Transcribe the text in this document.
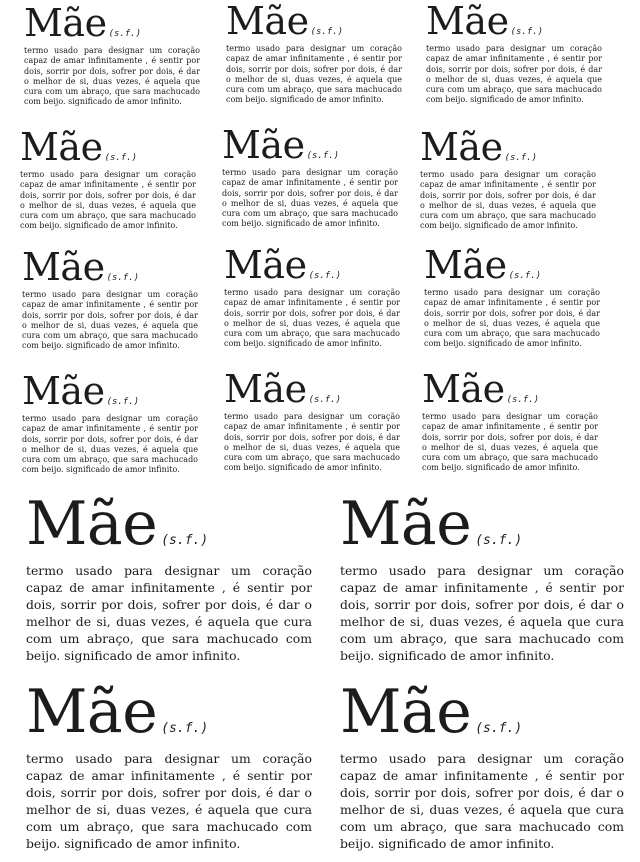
Mãe (s.f.)
termo usado para designar um coração capaz de amar infinitamente , é sentir por dois, sorrir por dois, sofrer por dois, é dar o melhor de si, duas vezes, é aquela que cura com um abraço, que sara machucado com beijo. significado de amor infinito.
Mãe (s.f.)
termo usado para designar um coração capaz de amar infinitamente , é sentir por dois, sorrir por dois, sofrer por dois, é dar o melhor de si, duas vezes, é aquela que cura com um abraço, que sara machucado com beijo. significado de amor infinito.
Mãe (s.f.)
termo usado para designar um coração capaz de amar infinitamente , é sentir por dois, sorrir por dois, sofrer por dois, é dar o melhor de si, duas vezes, é aquela que cura com um abraço, que sara machucado com beijo. significado de amor infinito.
Mãe (s.f.)
termo usado para designar um coração capaz de amar infinitamente , é sentir por dois, sorrir por dois, sofrer por dois, é dar o melhor de si, duas vezes, é aquela que cura com um abraço, que sara machucado com beijo. significado de amor infinito.
Mãe (s.f.)
termo usado para designar um coração capaz de amar infinitamente , é sentir por dois, sorrir por dois, sofrer por dois, é dar o melhor de si, duas vezes, é aquela que cura com um abraço, que sara machucado com beijo. significado de amor infinito.
Mãe (s.f.)
termo usado para designar um coração capaz de amar infinitamente , é sentir por dois, sorrir por dois, sofrer por dois, é dar o melhor de si, duas vezes, é aquela que cura com um abraço, que sara machucado com beijo. significado de amor infinito.
Mãe (s.f.)
termo usado para designar um coração capaz de amar infinitamente , é sentir por dois, sorrir por dois, sofrer por dois, é dar o melhor de si, duas vezes, é aquela que cura com um abraço, que sara machucado com beijo. significado de amor infinito.
Mãe (s.f.)
termo usado para designar um coração capaz de amar infinitamente , é sentir por dois, sorrir por dois, sofrer por dois, é dar o melhor de si, duas vezes, é aquela que cura com um abraço, que sara machucado com beijo. significado de amor infinito.
Mãe (s.f.)
termo usado para designar um coração capaz de amar infinitamente , é sentir por dois, sorrir por dois, sofrer por dois, é dar o melhor de si, duas vezes, é aquela que cura com um abraço, que sara machucado com beijo. significado de amor infinito.
Mãe (s.f.)
termo usado para designar um coração capaz de amar infinitamente , é sentir por dois, sorrir por dois, sofrer por dois, é dar o melhor de si, duas vezes, é aquela que cura com um abraço, que sara machucado com beijo. significado de amor infinito.
Mãe (s.f.)
termo usado para designar um coração capaz de amar infinitamente , é sentir por dois, sorrir por dois, sofrer por dois, é dar o melhor de si, duas vezes, é aquela que cura com um abraço, que sara machucado com beijo. significado de amor infinito.
Mãe (s.f.)
termo usado para designar um coração capaz de amar infinitamente , é sentir por dois, sorrir por dois, sofrer por dois, é dar o melhor de si, duas vezes, é aquela que cura com um abraço, que sara machucado com beijo. significado de amor infinito.
Mãe (s.f.)
termo usado para designar um coração capaz de amar infinitamente , é sentir por dois, sorrir por dois, sofrer por dois, é dar o melhor de si, duas vezes, é aquela que cura com um abraço, que sara machucado com beijo. significado de amor infinito.
Mãe (s.f.)
termo usado para designar um coração capaz de amar infinitamente , é sentir por dois, sorrir por dois, sofrer por dois, é dar o melhor de si, duas vezes, é aquela que cura com um abraço, que sara machucado com beijo. significado de amor infinito.
Mãe (s.f.)
termo usado para designar um coração capaz de amar infinitamente , é sentir por dois, sorrir por dois, sofrer por dois, é dar o melhor de si, duas vezes, é aquela que cura com um abraço, que sara machucado com beijo. significado de amor infinito.
Mãe (s.f.)
termo usado para designar um coração capaz de amar infinitamente , é sentir por dois, sorrir por dois, sofrer por dois, é dar o melhor de si, duas vezes, é aquela que cura com um abraço, que sara machucado com beijo. significado de amor infinito.
